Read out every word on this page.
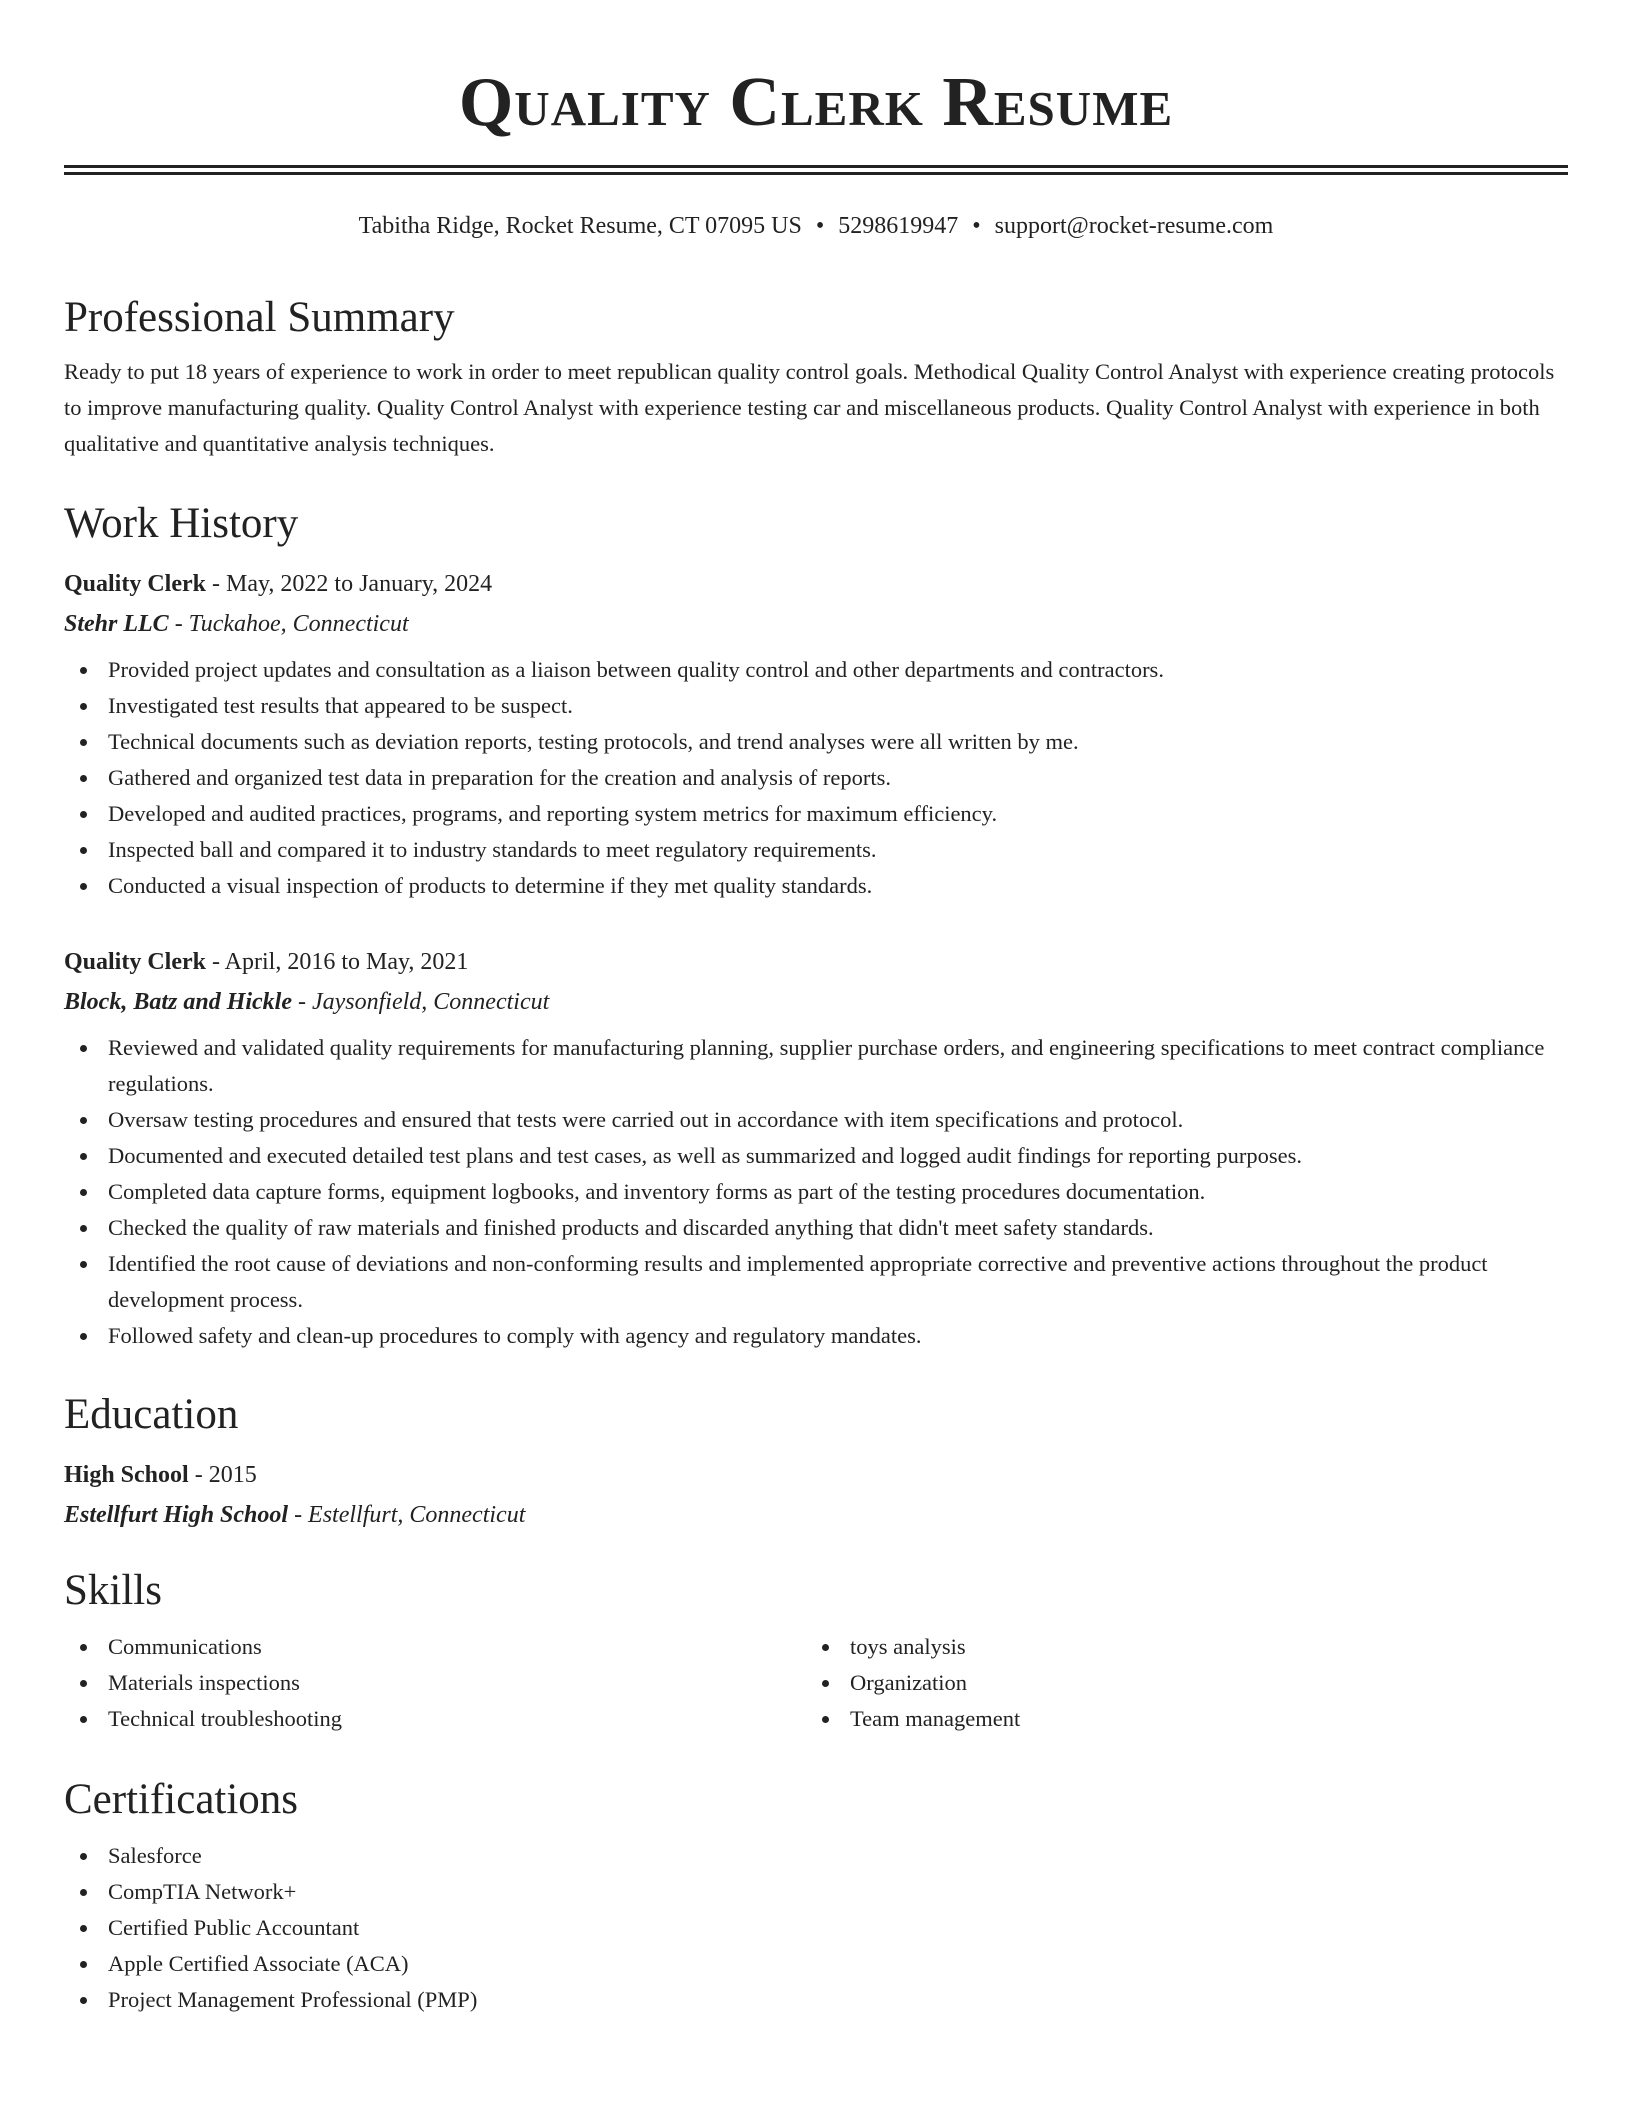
Quality Clerk Resume
Tabitha Ridge, Rocket Resume, CT 07095 US • 5298619947 • support@rocket-resume.com
Professional Summary

Ready to put 18 years of experience to work in order to meet republican quality control goals. Methodical Quality Control Analyst with experience creating protocols to improve manufacturing quality. Quality Control Analyst with experience testing car and miscellaneous products. Quality Control Analyst with experience in both qualitative and quantitative analysis techniques.

Work History
Quality Clerk - May, 2022 to January, 2024
Stehr LLC - Tuckahoe, Connecticut
Provided project updates and consultation as a liaison between quality control and other departments and contractors.
Investigated test results that appeared to be suspect.
Technical documents such as deviation reports, testing protocols, and trend analyses were all written by me.
Gathered and organized test data in preparation for the creation and analysis of reports.
Developed and audited practices, programs, and reporting system metrics for maximum efficiency.
Inspected ball and compared it to industry standards to meet regulatory requirements.
Conducted a visual inspection of products to determine if they met quality standards.
Quality Clerk - April, 2016 to May, 2021
Block, Batz and Hickle - Jaysonfield, Connecticut
Reviewed and validated quality requirements for manufacturing planning, supplier purchase orders, and engineering specifications to meet contract compliance regulations.
Oversaw testing procedures and ensured that tests were carried out in accordance with item specifications and protocol.
Documented and executed detailed test plans and test cases, as well as summarized and logged audit findings for reporting purposes.
Completed data capture forms, equipment logbooks, and inventory forms as part of the testing procedures documentation.
Checked the quality of raw materials and finished products and discarded anything that didn't meet safety standards.
Identified the root cause of deviations and non-conforming results and implemented appropriate corrective and preventive actions throughout the product development process.
Followed safety and clean-up procedures to comply with agency and regulatory mandates.
Education
High School - 2015
Estellfurt High School - Estellfurt, Connecticut
Skills
Communications
Materials inspections
Technical troubleshooting
toys analysis
Organization
Team management
Certifications
Salesforce
CompTIA Network+
Certified Public Accountant
Apple Certified Associate (ACA)
Project Management Professional (PMP)
